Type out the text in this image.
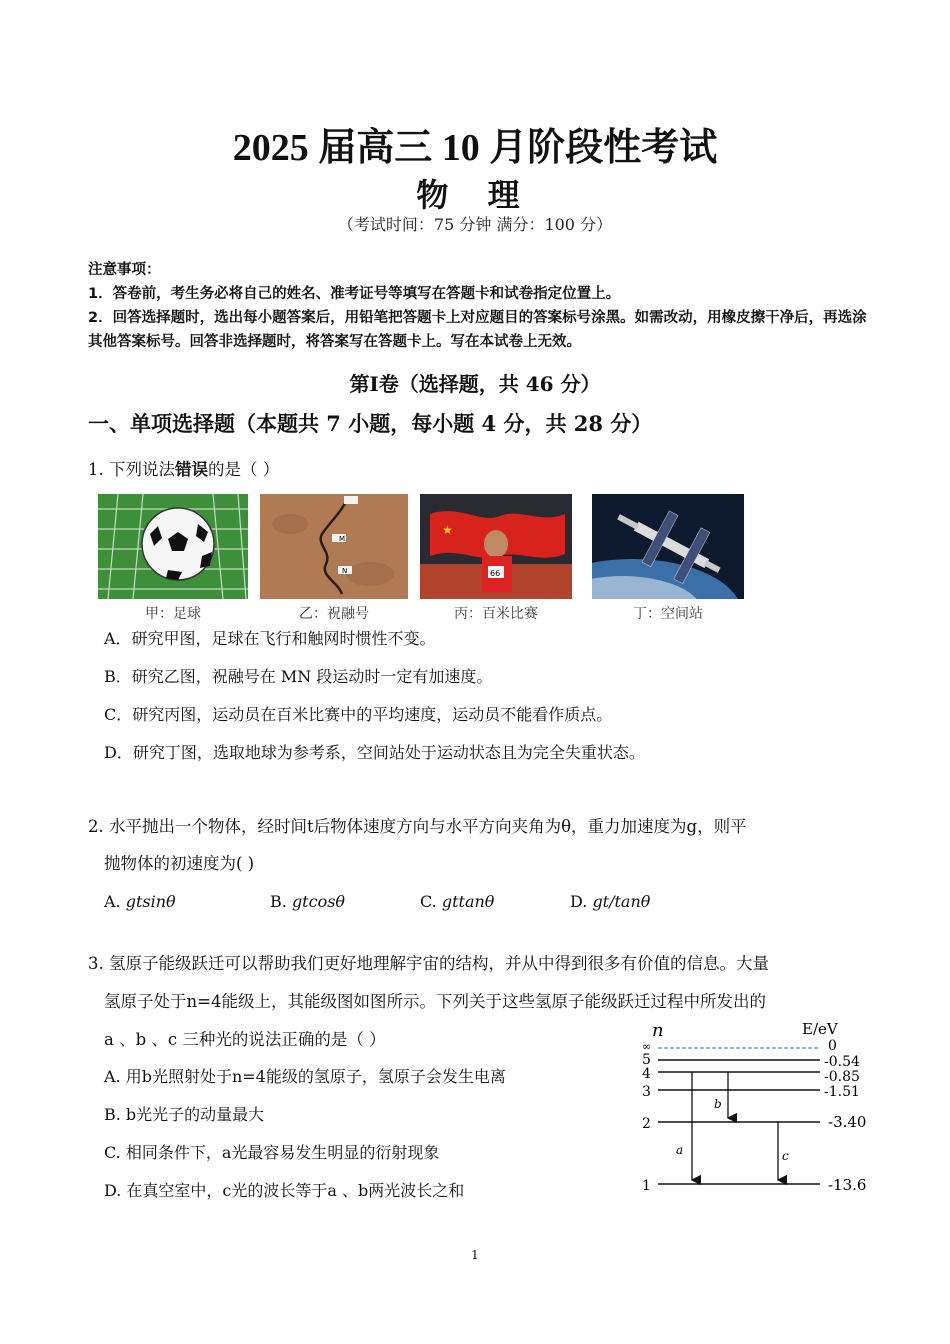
2025 届高三 10 月阶段性考试
物 理
（考试时间：75 分钟 满分：100 分）
注意事项：
1．答卷前，考生务必将自己的姓名、准考证号等填写在答题卡和试卷指定位置上。
2．回答选择题时，选出每小题答案后，用铅笔把答题卡上对应题目的答案标号涂黑。如需改动，用橡皮擦干净后，再选涂其他答案标号。回答非选择题时，将答案写在答题卡上。写在本试卷上无效。
第Ⅰ卷（选择题，共 46 分）
一、单项选择题（本题共 7 小题，每小题 4 分，共 28 分）
1. 下列说法错误的是（ ）
甲：足球
M
N
乙：祝融号
★
66
丙：百米比赛	丁：空间站
A．研究甲图，足球在飞行和触网时惯性不变。
B．研究乙图，祝融号在 MN 段运动时一定有加速度。
C．研究丙图，运动员在百米比赛中的平均速度，运动员不能看作质点。
D．研究丁图，选取地球为参考系，空间站处于运动状态且为完全失重状态。
2. 水平抛出一个物体，经时间t后物体速度方向与水平方向夹角为θ，重力加速度为g，则平
抛物体的初速度为( )
A. gtsinθ	B. gtcosθ	C. gttanθ	D. gt/tanθ
3. 氢原子能级跃迁可以帮助我们更好地理解宇宙的结构，并从中得到很多有价值的信息。大量
氢原子处于n=4能级上，其能级图如图所示。下列关于这些氢原子能级跃迁过程中所发出的
a 、b 、c 三种光的说法正确的是（ ）
A. 用b光照射处于n=4能级的氢原子，氢原子会发生电离
B. b光光子的动量最大
C. 相同条件下，a光最容易发生明显的衍射现象
D. 在真空室中，c光的波长等于a 、b两光波长之和
n	E/eV
∞	0
5	-0.54
4	-0.85
3	-1.51
2	-3.40
1	-13.6
a
b
c
1
